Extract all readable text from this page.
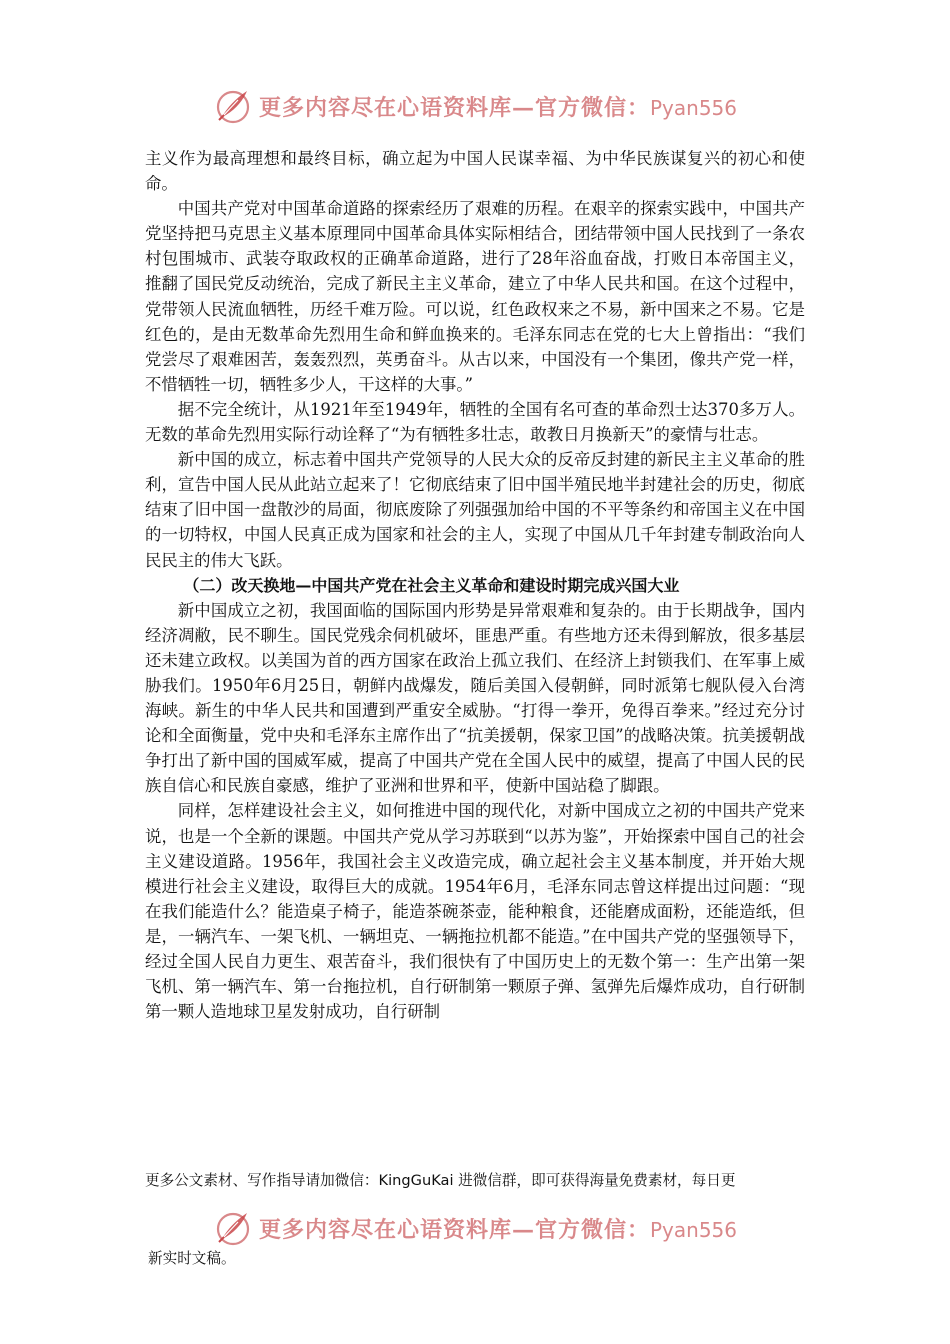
更多内容尽在心语资料库—官方微信：Pyan556

主义作为最高理想和最终目标，确立起为中国人民谋幸福、为中华民族谋复兴的初心和使命。

中国共产党对中国革命道路的探索经历了艰难的历程。在艰辛的探索实践中，中国共产党坚持把马克思主义基本原理同中国革命具体实际相结合，团结带领中国人民找到了一条农村包围城市、武装夺取政权的正确革命道路，进行了28年浴血奋战，打败日本帝国主义，推翻了国民党反动统治，完成了新民主主义革命，建立了中华人民共和国。在这个过程中，党带领人民流血牺牲，历经千难万险。可以说，红色政权来之不易，新中国来之不易。它是红色的，是由无数革命先烈用生命和鲜血换来的。毛泽东同志在党的七大上曾指出：“我们党尝尽了艰难困苦，轰轰烈烈，英勇奋斗。从古以来，中国没有一个集团，像共产党一样，不惜牺牲一切，牺牲多少人，干这样的大事。”

据不完全统计，从1921年至1949年，牺牲的全国有名可查的革命烈士达370多万人。无数的革命先烈用实际行动诠释了“为有牺牲多壮志，敢教日月换新天”的豪情与壮志。

新中国的成立，标志着中国共产党领导的人民大众的反帝反封建的新民主主义革命的胜利，宣告中国人民从此站立起来了！它彻底结束了旧中国半殖民地半封建社会的历史，彻底结束了旧中国一盘散沙的局面，彻底废除了列强强加给中国的不平等条约和帝国主义在中国的一切特权，中国人民真正成为国家和社会的主人，实现了中国从几千年封建专制政治向人民民主的伟大飞跃。

（二）改天换地—中国共产党在社会主义革命和建设时期完成兴国大业

新中国成立之初，我国面临的国际国内形势是异常艰难和复杂的。由于长期战争，国内经济凋敝，民不聊生。国民党残余伺机破坏，匪患严重。有些地方还未得到解放，很多基层还未建立政权。以美国为首的西方国家在政治上孤立我们、在经济上封锁我们、在军事上威胁我们。1950年6月25日，朝鲜内战爆发，随后美国入侵朝鲜，同时派第七舰队侵入台湾海峡。新生的中华人民共和国遭到严重安全威胁。“打得一拳开，免得百拳来。”经过充分讨论和全面衡量，党中央和毛泽东主席作出了“抗美援朝，保家卫国”的战略决策。抗美援朝战争打出了新中国的国威军威，提高了中国共产党在全国人民中的威望，提高了中国人民的民族自信心和民族自豪感，维护了亚洲和世界和平，使新中国站稳了脚跟。

同样，怎样建设社会主义，如何推进中国的现代化，对新中国成立之初的中国共产党来说，也是一个全新的课题。中国共产党从学习苏联到“以苏为鉴”，开始探索中国自己的社会主义建设道路。1956年，我国社会主义改造完成，确立起社会主义基本制度，并开始大规模进行社会主义建设，取得巨大的成就。1954年6月，毛泽东同志曾这样提出过问题：“现在我们能造什么？能造桌子椅子，能造茶碗茶壶，能种粮食，还能磨成面粉，还能造纸，但是，一辆汽车、一架飞机、一辆坦克、一辆拖拉机都不能造。”在中国共产党的坚强领导下，经过全国人民自力更生、艰苦奋斗，我们很快有了中国历史上的无数个第一：生产出第一架飞机、第一辆汽车、第一台拖拉机，自行研制第一颗原子弹、氢弹先后爆炸成功，自行研制第一颗人造地球卫星发射成功，自行研制

更多公文素材、写作指导请加微信：KingGuKai 进微信群，即可获得海量免费素材，每日更
更多内容尽在心语资料库—官方微信：Pyan556
新实时文稿。
